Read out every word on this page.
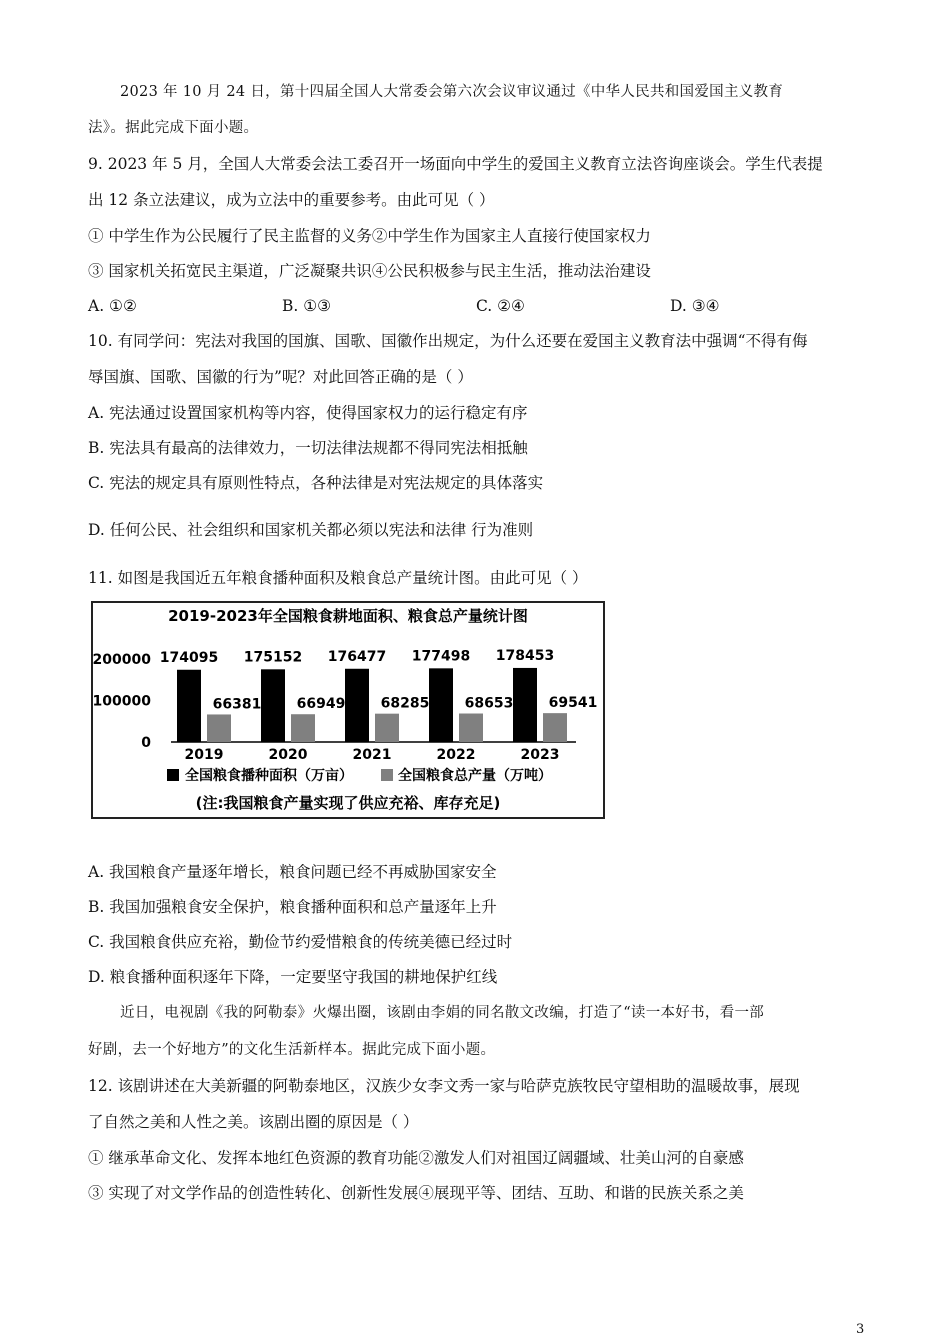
2023 年 10 月 24 日，第十四届全国人大常委会第六次会议审议通过《中华人民共和国爱国主义教育
法》。据此完成下面小题。
9. 2023 年 5 月，全国人大常委会法工委召开一场面向中学生的爱国主义教育立法咨询座谈会。学生代表提
出 12 条立法建议，成为立法中的重要参考。由此可见（ ）
① 中学生作为公民履行了民主监督的义务②中学生作为国家主人直接行使国家权力
③ 国家机关拓宽民主渠道，广泛凝聚共识④公民积极参与民主生活，推动法治建设
A. ①②	B. ①③	C. ②④	D. ③④
10. 有同学问：宪法对我国的国旗、国歌、国徽作出规定，为什么还要在爱国主义教育法中强调“不得有侮
辱国旗、国歌、国徽的行为”呢？对此回答正确的是（ ）
A. 宪法通过设置国家机构等内容，使得国家权力的运行稳定有序
B. 宪法具有最高的法律效力，一切法律法规都不得同宪法相抵触
C. 宪法的规定具有原则性特点，各种法律是对宪法规定的具体落实
D. 任何公民、社会组织和国家机关都必须以宪法和法律 行为准则
11. 如图是我国近五年粮食播种面积及粮食总产量统计图。由此可见（ ）
2019-2023年全国粮食耕地面积、粮食总产量统计图
0
100000
200000 174095
66381
175152
66949
176477
68285
177498
68653
178453
69541
2019	2020	2021	2022	2023
全国粮食播种面积（万亩）	全国粮食总产量（万吨）
(注:我国粮食产量实现了供应充裕、库存充足)
A. 我国粮食产量逐年增长，粮食问题已经不再威胁国家安全
B. 我国加强粮食安全保护，粮食播种面积和总产量逐年上升
C. 我国粮食供应充裕，勤俭节约爱惜粮食的传统美德已经过时
D. 粮食播种面积逐年下降，一定要坚守我国的耕地保护红线
近日，电视剧《我的阿勒泰》火爆出圈，该剧由李娟的同名散文改编，打造了“读一本好书，看一部
好剧，去一个好地方”的文化生活新样本。据此完成下面小题。
12. 该剧讲述在大美新疆的阿勒泰地区，汉族少女李文秀一家与哈萨克族牧民守望相助的温暖故事，展现
了自然之美和人性之美。该剧出圈的原因是（ ）
① 继承革命文化、发挥本地红色资源的教育功能②激发人们对祖国辽阔疆域、壮美山河的自豪感
③ 实现了对文学作品的创造性转化、创新性发展④展现平等、团结、互助、和谐的民族关系之美
3
